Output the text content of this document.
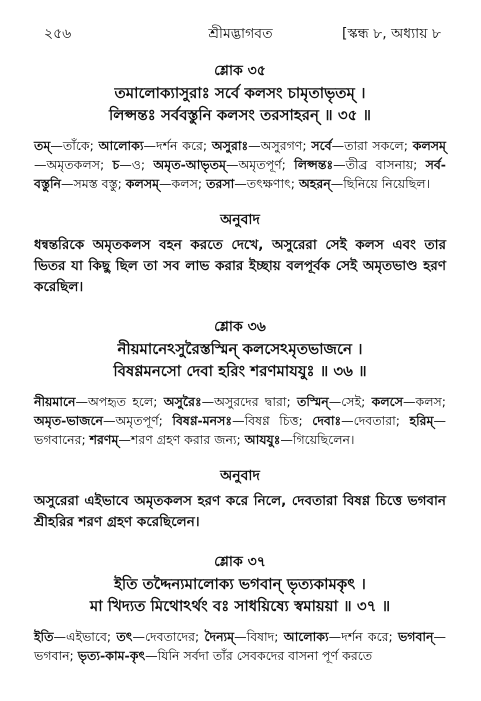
২৫৬	শ্রীমদ্ভাগবত	[স্কন্ধ ৮, অধ্যায় ৮
শ্লোক ৩৫
তমালোক্যাসুরাঃ সর্বে কলসং চামৃতাভৃতম্ ।
লিপ্সন্তঃ সর্ববস্তুনি কলসং তরসাহরন্ ॥ ৩৫ ॥
তম্—তাঁকে; আলোক্য—দর্শন করে; অসুরাঃ—অসুরগণ; সর্বে—তারা সকলে; কলসম্—অমৃতকলস; চ—ও; অমৃত-আভৃতম্—অমৃতপূর্ণ; লিপ্সন্তঃ—তীব্র বাসনায়; সর্ব-বস্তুনি—সমস্ত বস্তু; কলসম্—কলস; তরসা—তৎক্ষণাৎ; অহরন্—ছিনিয়ে নিয়েছিল।
অনুবাদ
ধন্বন্তরিকে অমৃতকলস বহন করতে দেখে, অসুরেরা সেই কলস এবং তার ভিতর যা কিছু ছিল তা সব লাভ করার ইচ্ছায় বলপূর্বক সেই অমৃতভাণ্ড হরণ করেছিল।
শ্লোক ৩৬
নীয়মানেঽসুরৈস্তস্মিন্ কলসেঽমৃতভাজনে ।
বিষণ্ণমনসো দেবা হরিং শরণমাযযুঃ ॥ ৩৬ ॥
নীয়মানে—অপহৃত হলে; অসুরৈঃ—অসুরদের দ্বারা; তস্মিন্—সেই; কলসে—কলস; অমৃত-ভাজনে—অমৃতপূর্ণ; বিষণ্ণ-মনসঃ—বিষণ্ণ চিত্ত; দেবাঃ—দেবতারা; হরিম্—ভগবানের; শরণম্—শরণ গ্রহণ করার জন্য; আযযুঃ—গিয়েছিলেন।
অনুবাদ
অসুরেরা এইভাবে অমৃতকলস হরণ করে নিলে, দেবতারা বিষণ্ণ চিত্তে ভগবান শ্রীহরির শরণ গ্রহণ করেছিলেন।
শ্লোক ৩৭
ইতি তদ্দৈন্যমালোক্য ভগবান্ ভৃত্যকামকৃৎ ।
মা খিদ্যত মিথোঽর্থং বঃ সাধয়িষ্যে স্বমায়য়া ॥ ৩৭ ॥
ইতি—এইভাবে; তৎ—দেবতাদের; দৈন্যম্—বিষাদ; আলোক্য—দর্শন করে; ভগবান্—ভগবান; ভৃত্য-কাম-কৃৎ—যিনি সর্বদা তাঁর সেবকদের বাসনা পূর্ণ করতে
